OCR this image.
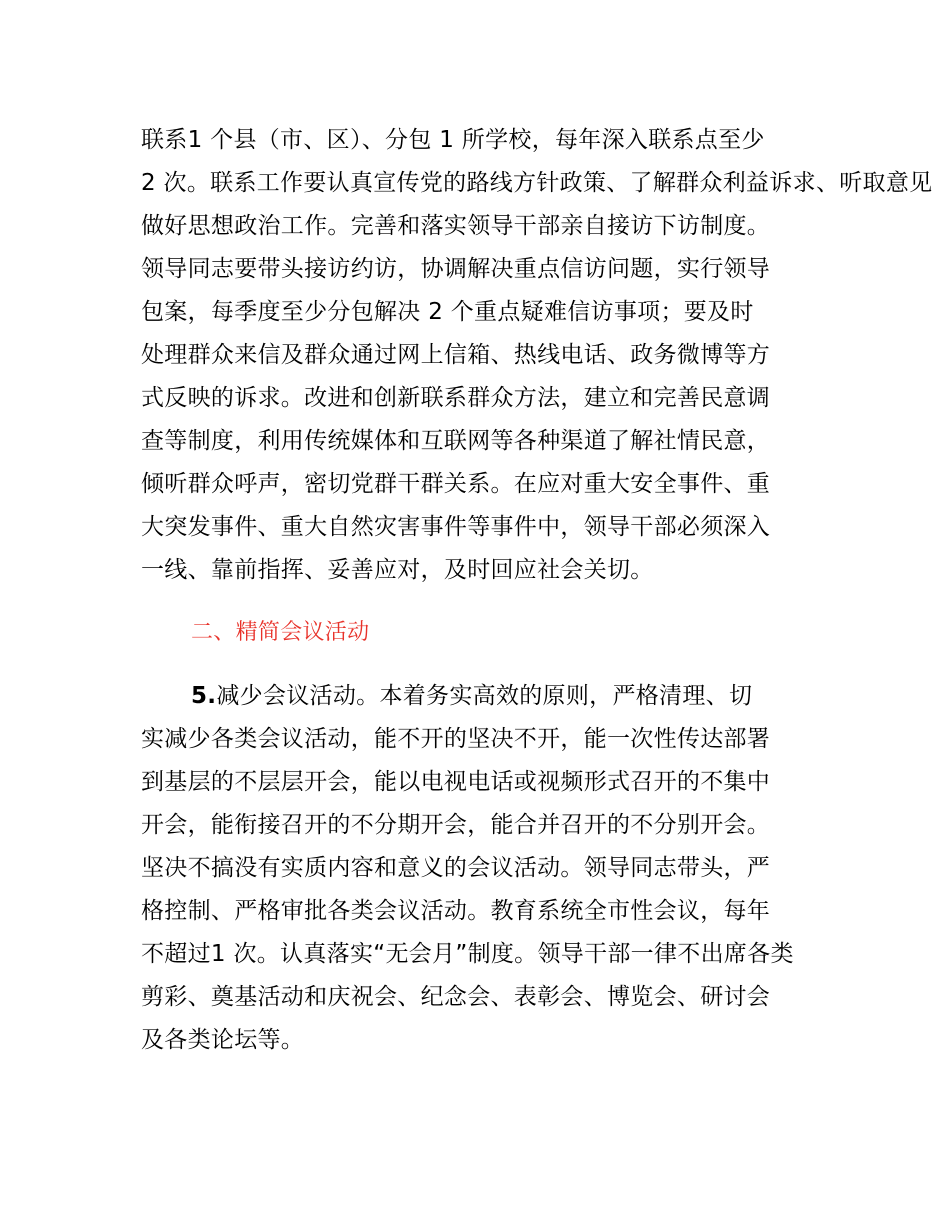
联系1 个县（市、区）、分包 1 所学校，每年深入联系点至少
2 次。联系工作要认真宣传党的路线方针政策、了解群众利益诉求、听取意见
做好思想政治工作。完善和落实领导干部亲自接访下访制度。
领导同志要带头接访约访，协调解决重点信访问题，实行领导
包案，每季度至少分包解决 2 个重点疑难信访事项；要及时
处理群众来信及群众通过网上信箱、热线电话、政务微博等方
式反映的诉求。改进和创新联系群众方法，建立和完善民意调
查等制度，利用传统媒体和互联网等各种渠道了解社情民意，
倾听群众呼声，密切党群干群关系。在应对重大安全事件、重
大突发事件、重大自然灾害事件等事件中，领导干部必须深入
一线、靠前指挥、妥善应对，及时回应社会关切。
二、精简会议活动
5.减少会议活动。本着务实高效的原则，严格清理、切
实减少各类会议活动，能不开的坚决不开，能一次性传达部署
到基层的不层层开会，能以电视电话或视频形式召开的不集中
开会，能衔接召开的不分期开会，能合并召开的不分别开会。
坚决不搞没有实质内容和意义的会议活动。领导同志带头，严
格控制、严格审批各类会议活动。教育系统全市性会议，每年
不超过1 次。认真落实“无会月”制度。领导干部一律不出席各类
剪彩、奠基活动和庆祝会、纪念会、表彰会、博览会、研讨会
及各类论坛等。
